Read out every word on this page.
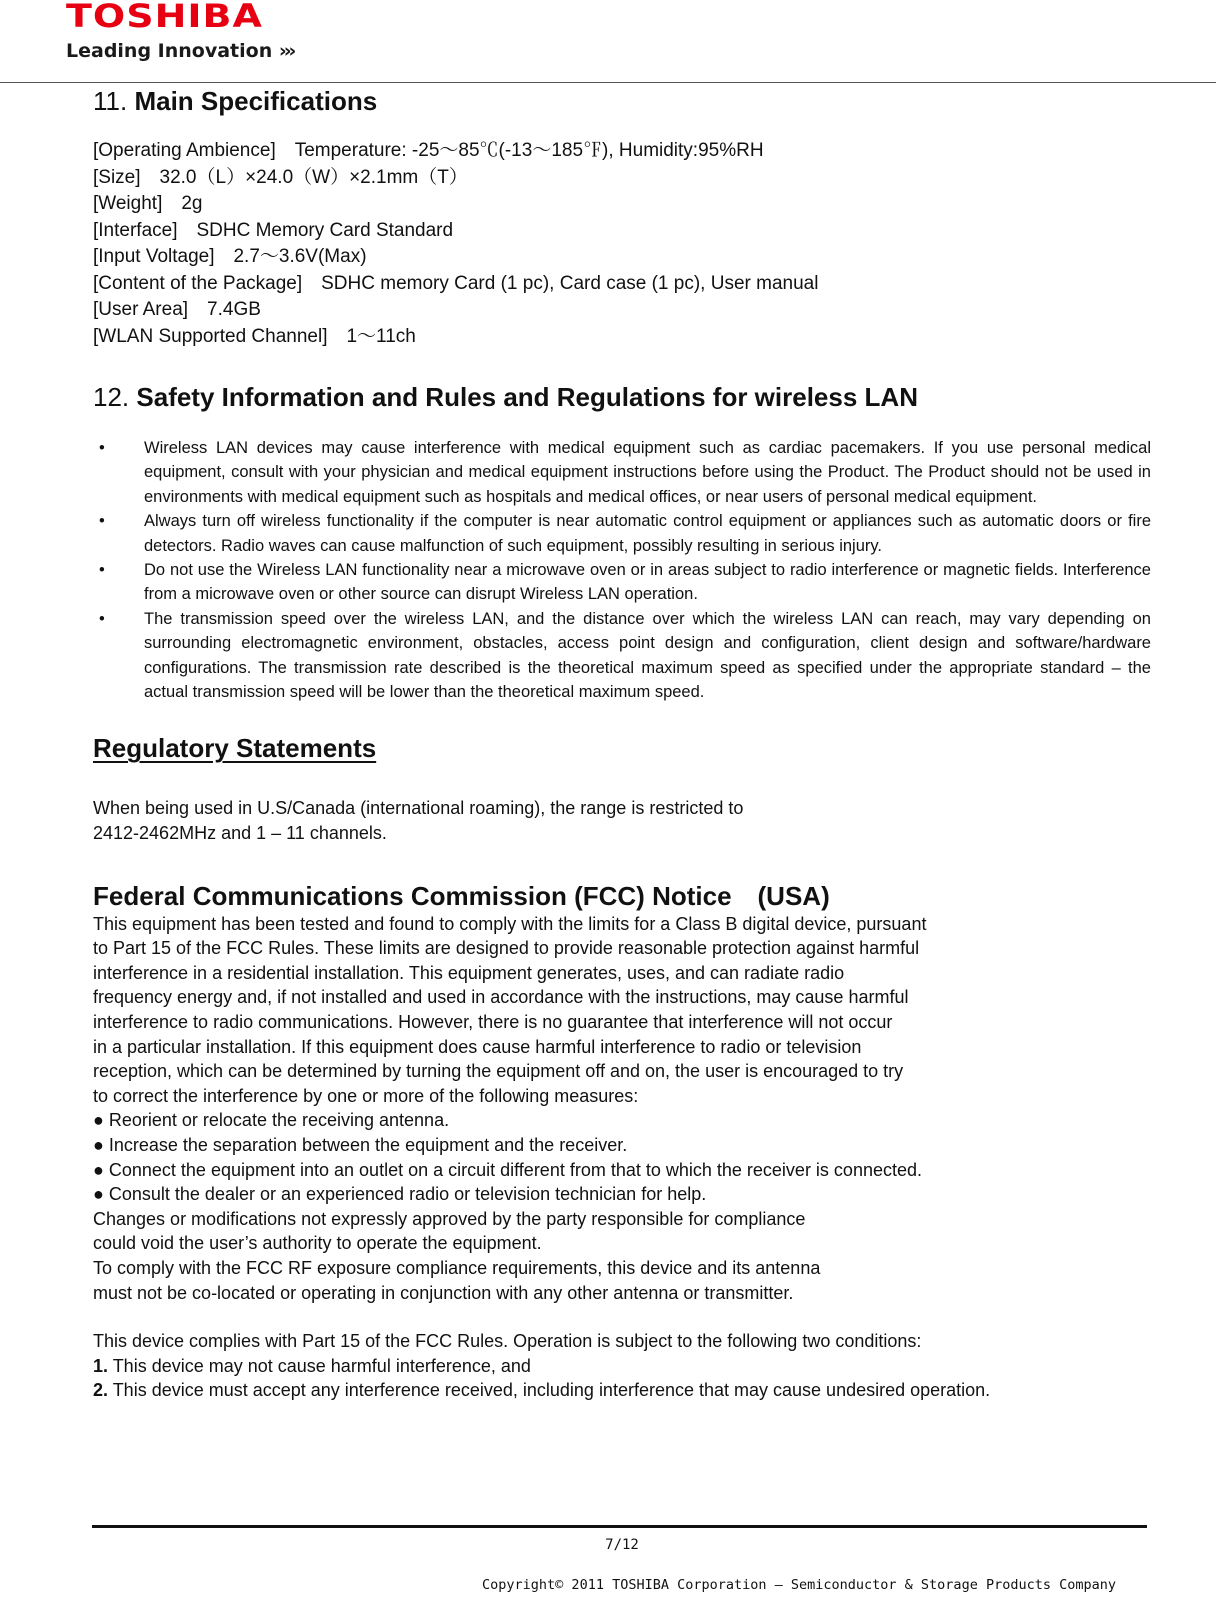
TOSHIBA
Leading Innovation ›››
11. Main Specifications
[Operating Ambience]　Temperature: -25～85℃(-13～185℉), Humidity:95%RH
[Size]　32.0（L）×24.0（W）×2.1mm（T）
[Weight]　2g
[Interface]　SDHC Memory Card Standard
[Input Voltage]　2.7～3.6V(Max)
[Content of the Package]　SDHC memory Card (1 pc), Card case (1 pc), User manual
[User Area]　7.4GB
[WLAN Supported Channel]　1～11ch
12. Safety Information and Rules and Regulations for wireless LAN
•	Wireless LAN devices may cause interference with medical equipment such as cardiac pacemakers. If you use personal medical equipment, consult with your physician and medical equipment instructions before using the Product. The Product should not be used in environments with medical equipment such as hospitals and medical offices, or near users of personal medical equipment.
•	Always turn off wireless functionality if the computer is near automatic control equipment or appliances such as automatic doors or fire detectors. Radio waves can cause malfunction of such equipment, possibly resulting in serious injury.
•	Do not use the Wireless LAN functionality near a microwave oven or in areas subject to radio interference or magnetic fields. Interference from a microwave oven or other source can disrupt Wireless LAN operation.
•	The transmission speed over the wireless LAN, and the distance over which the wireless LAN can reach, may vary depending on surrounding electromagnetic environment, obstacles, access point design and configuration, client design and software/hardware configurations. The transmission rate described is the theoretical maximum speed as specified under the appropriate standard – the actual transmission speed will be lower than the theoretical maximum speed.
Regulatory Statements
When being used in U.S/Canada (international roaming), the range is restricted to
2412-2462MHz and 1 – 11 channels.
Federal Communications Commission (FCC) Notice　(USA)
This equipment has been tested and found to comply with the limits for a Class B digital device, pursuant
to Part 15 of the FCC Rules. These limits are designed to provide reasonable protection against harmful
interference in a residential installation. This equipment generates, uses, and can radiate radio
frequency energy and, if not installed and used in accordance with the instructions, may cause harmful
interference to radio communications. However, there is no guarantee that interference will not occur
in a particular installation. If this equipment does cause harmful interference to radio or television
reception, which can be determined by turning the equipment off and on, the user is encouraged to try
to correct the interference by one or more of the following measures:
● Reorient or relocate the receiving antenna.
● Increase the separation between the equipment and the receiver.
● Connect the equipment into an outlet on a circuit different from that to which the receiver is connected.
● Consult the dealer or an experienced radio or television technician for help.
Changes or modifications not expressly approved by the party responsible for compliance
could void the user’s authority to operate the equipment.
To comply with the FCC RF exposure compliance requirements, this device and its antenna
must not be co-located or operating in conjunction with any other antenna or transmitter.
This device complies with Part 15 of the FCC Rules. Operation is subject to the following two conditions:
1. This device may not cause harmful interference, and
2. This device must accept any interference received, including interference that may cause undesired operation.
7/12
Copyright© 2011 TOSHIBA Corporation – Semiconductor & Storage Products Company
